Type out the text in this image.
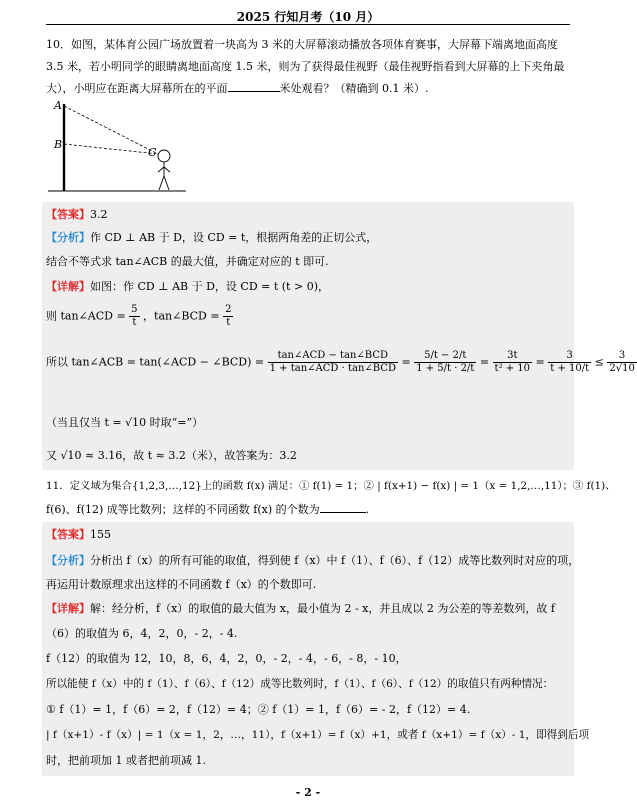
2025 行知月考（10 月）
10．如图，某体育公园广场放置着一块高为 3 米的大屏幕滚动播放各项体育赛事，大屏幕下端离地面高度
3.5 米，若小明同学的眼睛离地面高度 1.5 米，则为了获得最佳视野（最佳视野指看到大屏幕的上下夹角最
大），小明应在距离大屏幕所在的平面	米处观看？（精确到 0.1 米）.
A
B
C
【答案】3.2
【分析】作 CD ⊥ AB 于 D，设 CD = t，根据两角差的正切公式，
结合不等式求 tan∠ACB 的最大值，并确定对应的 t 即可.
【详解】如图：作 CD ⊥ AB 于 D，设 CD = t (t > 0)，
则 tan∠ACD = $\frac{5}{t}$ ，tan∠BCD = $\frac{2}{t}$
所以 tan∠ACB = tan(∠ACD − ∠BCD) = $\frac{\text{tan∠ACD − tan∠BCD}}{\text{1 + tan∠ACD · tan∠BCD}} = \frac{5/t - 2/t}{1 + 5/t \cdot 2/t} = \frac{3t}{\text{t² + 10}} = \frac{3}{t + 10/t} \le \frac{3}{2√10}$
（当且仅当 t = √10 时取“=”）
又 √10 ≈ 3.16，故 t ≈ 3.2（米），故答案为：3.2
11．定义域为集合{1,2,3,…,12}上的函数 f(x) 满足：① f(1) = 1；② | f(x+1) − f(x) | = 1（x = 1,2,…,11）；③ f(1)、
f(6)、f(12) 成等比数列；这样的不同函数 f(x) 的个数为	.
【答案】155
【分析】分析出 f（x）的所有可能的取值，得到使 f（x）中 f（1）、f（6）、f（12）成等比数列时对应的项，
再运用计数原理求出这样的不同函数 f（x）的个数即可.
【详解】解：经分析，f（x）的取值的最大值为 x，最小值为 2 - x，并且成以 2 为公差的等差数列，故 f
（6）的取值为 6，4，2，0，- 2，- 4.
f（12）的取值为 12，10，8，6，4，2，0，- 2，- 4，- 6，- 8，- 10，
所以能使 f（x）中的 f（1）、f（6）、f（12）成等比数列时，f（1）、f（6）、f（12）的取值只有两种情况：
① f（1）= 1，f（6）= 2，f（12）= 4；② f（1）= 1，f（6）= - 2，f（12）= 4.
| f（x+1）- f（x）| = 1（x = 1，2，…，11），f（x+1）= f（x）+1，或者 f（x+1）= f（x）- 1，即得到后项
时，把前项加 1 或者把前项减 1.
- 2 -
